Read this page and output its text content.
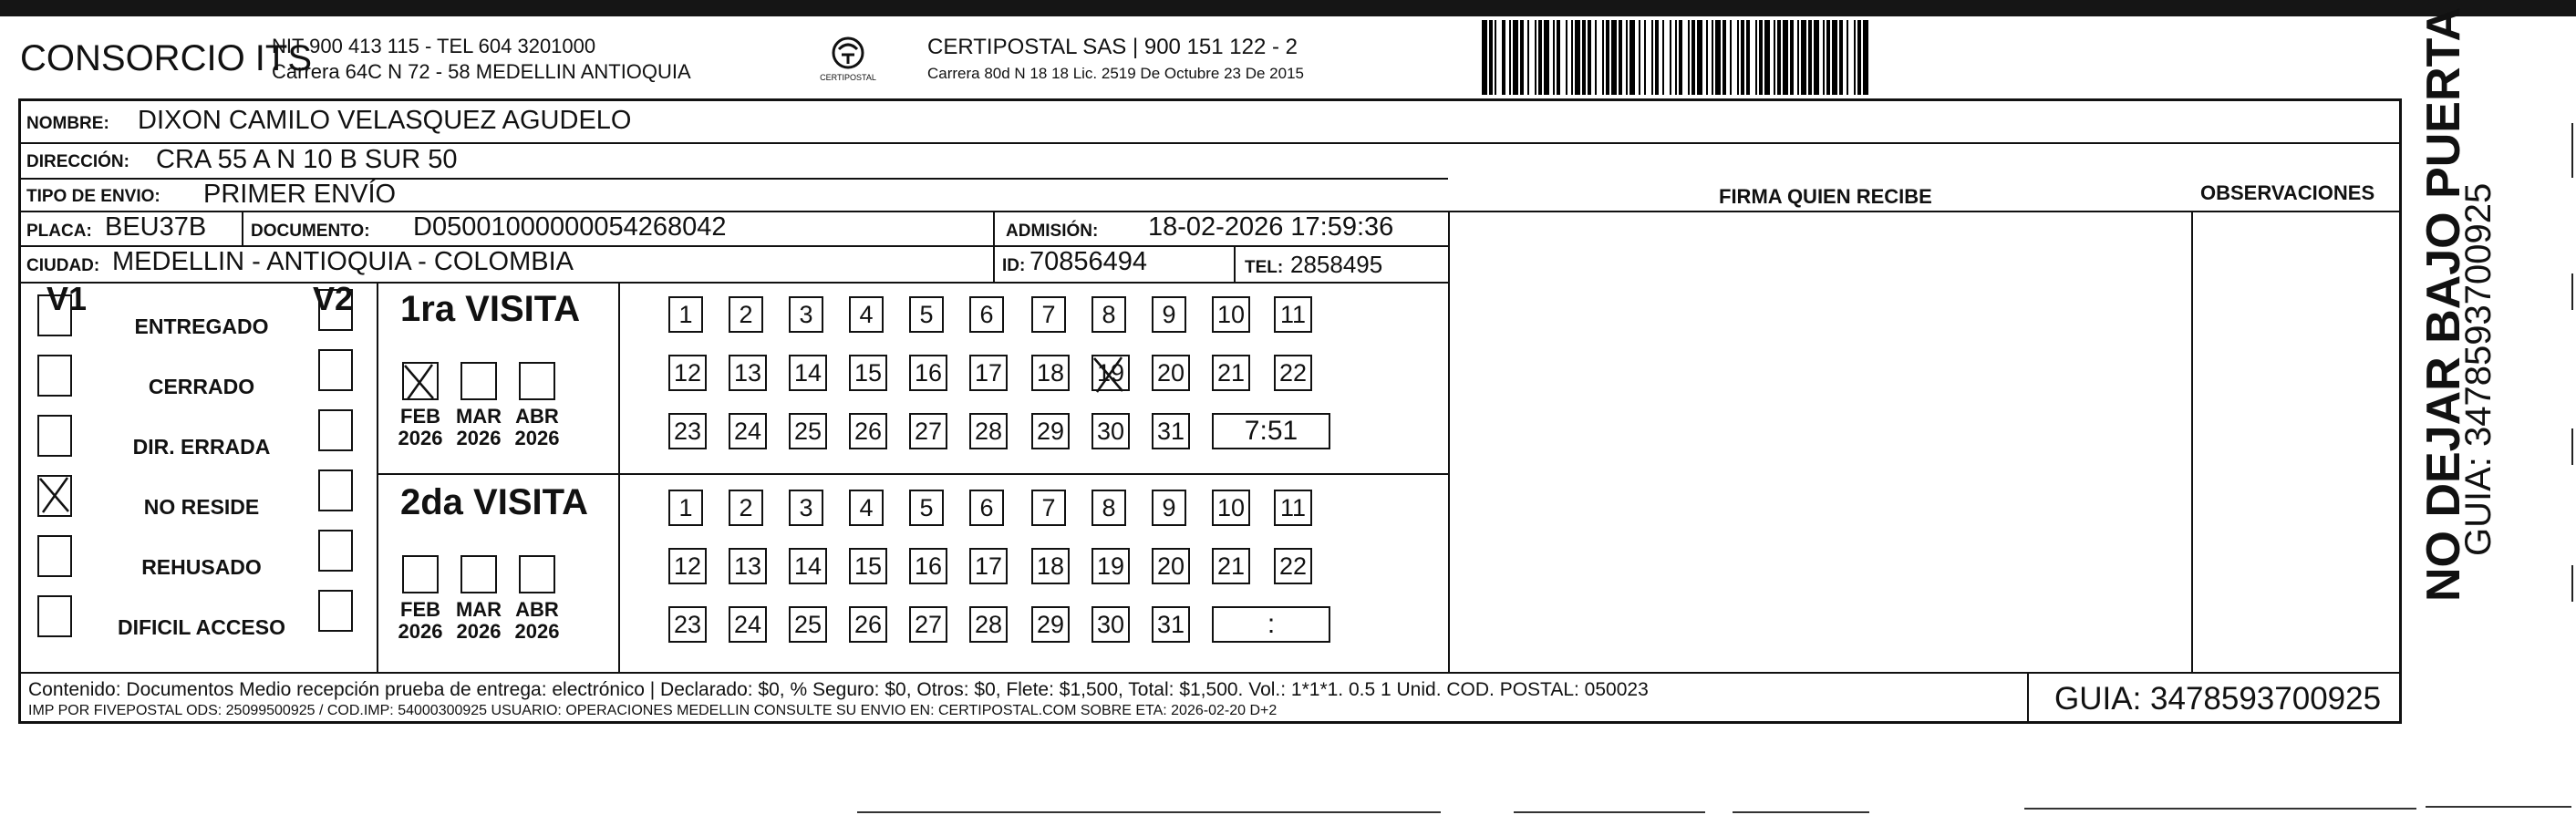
CONSORCIO ITS
NIT 900 413 115 - TEL 604 3201000
Carrera 64C N 72 - 58 MEDELLIN ANTIOQUIA	CERTIPOSTAL
CERTIPOSTAL SAS | 900 151 122 - 2
Carrera 80d N 18 18 Lic. 2519 De Octubre 23 De 2015
NOMBRE: DIXON CAMILO VELASQUEZ AGUDELO
DIRECCIÓN: CRA 55 A N 10 B SUR 50
TIPO DE ENVIO: PRIMER ENVÍO	FIRMA QUIEN RECIBE	OBSERVACIONES
PLACA: BEU37B	DOCUMENTO: D05001000000054268042	ADMISIÓN: 18-02-2026 17:59:36
CIUDAD: MEDELLIN - ANTIOQUIA - COLOMBIA	ID: 70856494	TEL: 2858495
V1	V2
ENTREGADO
CERRADO
DIR. ERRADA
NO RESIDE
REHUSADO
DIFICIL ACCESO
1ra VISITA
FEB
2026
MAR
2026
ABR
2026
1	2	3	4	5	6	7	8	9	10 11
12 13 14 15 16 17 18 19 20 21 22
23 24 25 26 27 28 29 30 31	7:51
2da VISITA
FEB
2026
MAR
2026
ABR
2026
1	2	3	4	5	6	7	8	9	10 11
12 13 14 15 16 17 18 19 20 21 22
23 24 25 26 27 28 29 30 31	:
Contenido: Documentos Medio recepción prueba de entrega: electrónico | Declarado: $0, % Seguro: $0, Otros: $0, Flete: $1,500, Total: $1,500. Vol.: 1*1*1. 0.5 1 Unid. COD. POSTAL: 050023
IMP POR FIVEPOSTAL ODS: 25099500925 / COD.IMP: 54000300925 USUARIO: OPERACIONES MEDELLIN CONSULTE SU ENVIO EN: CERTIPOSTAL.COM SOBRE ETA: 2026-02-20 D+2	GUIA: 3478593700925
NO DEJAR BAJO PUERTA
GUIA: 3478593700925
